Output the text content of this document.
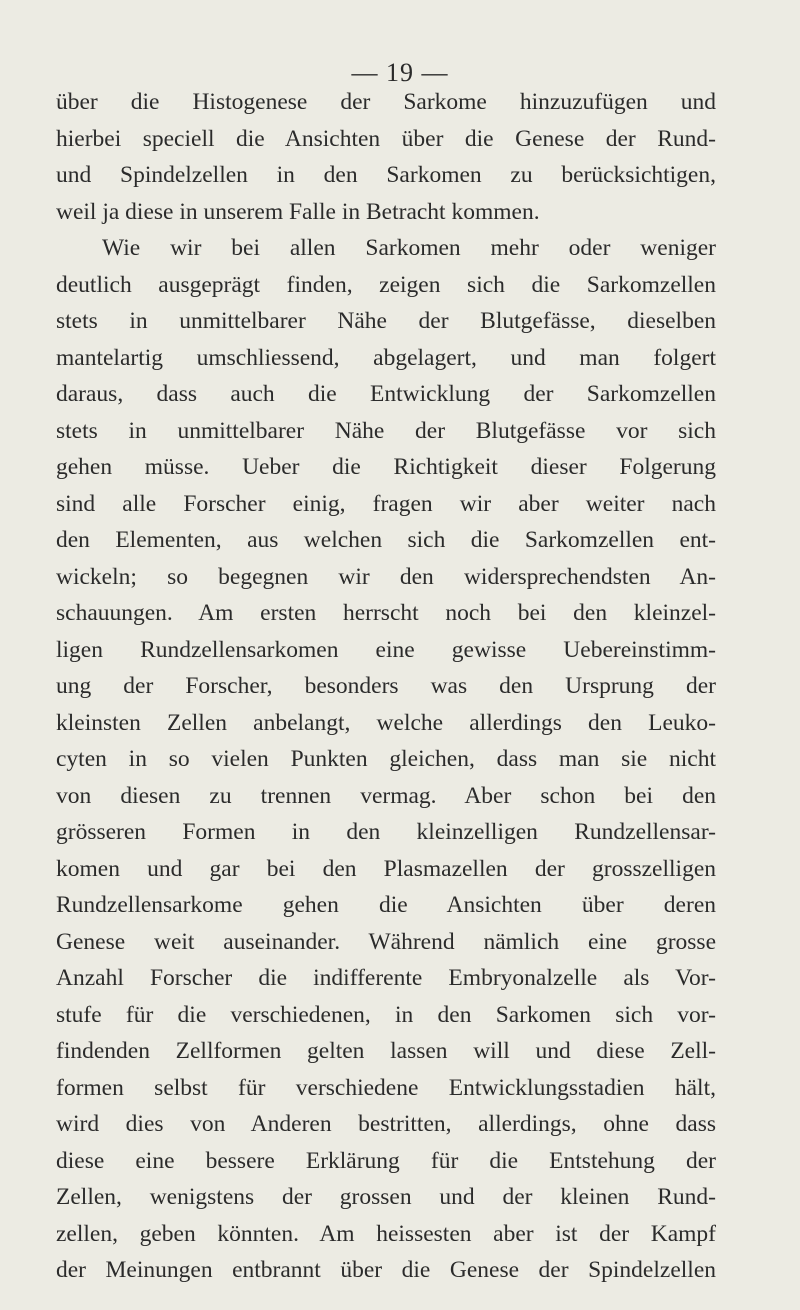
— 19 —
über die Histogenese der Sarkome hinzuzufügen und
hierbei speciell die Ansichten über die Genese der Rund-
und Spindelzellen in den Sarkomen zu berücksichtigen,
weil ja diese in unserem Falle in Betracht kommen.
Wie wir bei allen Sarkomen mehr oder weniger
deutlich ausgeprägt finden, zeigen sich die Sarkomzellen
stets in unmittelbarer Nähe der Blutgefässe, dieselben
mantelartig umschliessend, abgelagert, und man folgert
daraus, dass auch die Entwicklung der Sarkomzellen
stets in unmittelbarer Nähe der Blutgefässe vor sich
gehen müsse. Ueber die Richtigkeit dieser Folgerung
sind alle Forscher einig, fragen wir aber weiter nach
den Elementen, aus welchen sich die Sarkomzellen ent-
wickeln; so begegnen wir den widersprechendsten An-
schauungen. Am ersten herrscht noch bei den kleinzel-
ligen Rundzellensarkomen eine gewisse Uebereinstimm-
ung der Forscher, besonders was den Ursprung der
kleinsten Zellen anbelangt, welche allerdings den Leuko-
cyten in so vielen Punkten gleichen, dass man sie nicht
von diesen zu trennen vermag. Aber schon bei den
grösseren Formen in den kleinzelligen Rundzellensar-
komen und gar bei den Plasmazellen der grosszelligen
Rundzellensarkome gehen die Ansichten über deren
Genese weit auseinander. Während nämlich eine grosse
Anzahl Forscher die indifferente Embryonalzelle als Vor-
stufe für die verschiedenen, in den Sarkomen sich vor-
findenden Zellformen gelten lassen will und diese Zell-
formen selbst für verschiedene Entwicklungsstadien hält,
wird dies von Anderen bestritten, allerdings, ohne dass
diese eine bessere Erklärung für die Entstehung der
Zellen, wenigstens der grossen und der kleinen Rund-
zellen, geben könnten. Am heissesten aber ist der Kampf
der Meinungen entbrannt über die Genese der Spindelzellen
